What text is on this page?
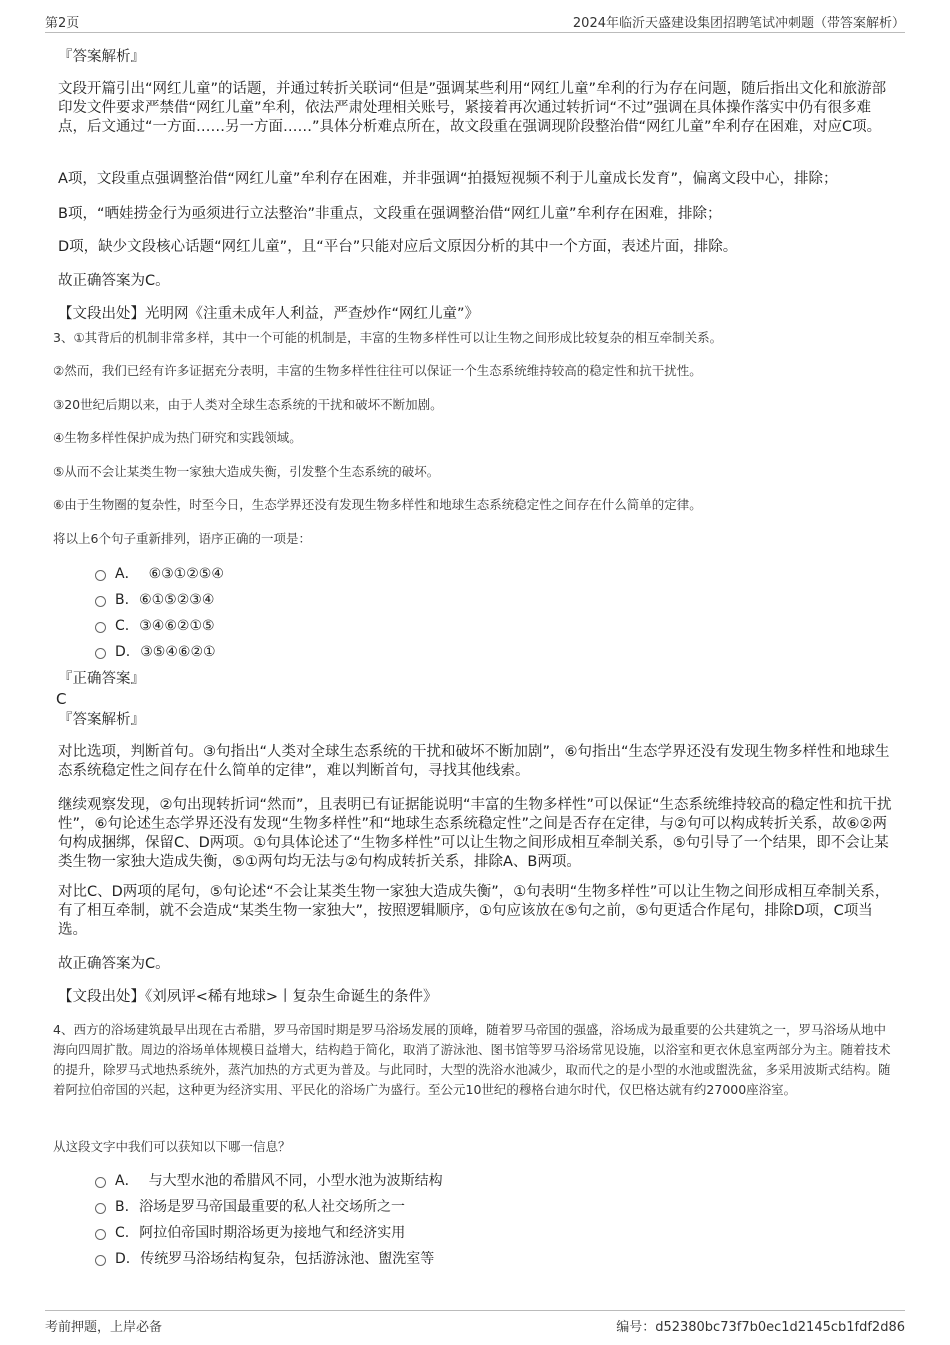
第2页	2024年临沂天盛建设集团招聘笔试冲刺题（带答案解析）
『答案解析』

文段开篇引出“网红儿童”的话题，并通过转折关联词“但是”强调某些利用“网红儿童”牟利的行为存在问题，随后指出文化和旅游部印发文件要求严禁借“网红儿童”牟利，依法严肃处理相关账号，紧接着再次通过转折词“不过”强调在具体操作落实中仍有很多难点，后文通过“一方面……另一方面……”具体分析难点所在，故文段重在强调现阶段整治借“网红儿童”牟利存在困难，对应C项。

A项，文段重点强调整治借“网红儿童”牟利存在困难，并非强调“拍摄短视频不利于儿童成长发育”，偏离文段中心，排除；

B项，“晒娃捞金行为亟须进行立法整治”非重点，文段重在强调整治借“网红儿童”牟利存在困难，排除；

D项，缺少文段核心话题“网红儿童”，且“平台”只能对应后文原因分析的其中一个方面，表述片面，排除。

故正确答案为C。

【文段出处】光明网《注重未成年人利益，严查炒作“网红儿童”》

3、①其背后的机制非常多样，其中一个可能的机制是，丰富的生物多样性可以让生物之间形成比较复杂的相互牵制关系。

②然而，我们已经有许多证据充分表明，丰富的生物多样性往往可以保证一个生态系统维持较高的稳定性和抗干扰性。

③20世纪后期以来，由于人类对全球生态系统的干扰和破坏不断加剧。

④生物多样性保护成为热门研究和实践领域。

⑤从而不会让某类生物一家独大造成失衡，引发整个生态系统的破坏。

⑥由于生物圈的复杂性，时至今日，生态学界还没有发现生物多样性和地球生态系统稳定性之间存在什么简单的定律。

将以上6个句子重新排列，语序正确的一项是：

A． ⑥③①②⑤④
B. ⑥①⑤②③④
C. ③④⑥②①⑤
D. ③⑤④⑥②①
『正确答案』
C
『答案解析』

对比选项，判断首句。③句指出“人类对全球生态系统的干扰和破坏不断加剧”，⑥句指出“生态学界还没有发现生物多样性和地球生态系统稳定性之间存在什么简单的定律”，难以判断首句，寻找其他线索。

继续观察发现，②句出现转折词“然而”，且表明已有证据能说明“丰富的生物多样性”可以保证“生态系统维持较高的稳定性和抗干扰性”，⑥句论述生态学界还没有发现“生物多样性”和“地球生态系统稳定性”之间是否存在定律，与②句可以构成转折关系，故⑥②两句构成捆绑，保留C、D两项。①句具体论述了“生物多样性”可以让生物之间形成相互牵制关系，⑤句引导了一个结果，即不会让某类生物一家独大造成失衡，⑤①两句均无法与②句构成转折关系，排除A、B两项。

对比C、D两项的尾句，⑤句论述“不会让某类生物一家独大造成失衡”，①句表明“生物多样性”可以让生物之间形成相互牵制关系，有了相互牵制，就不会造成“某类生物一家独大”，按照逻辑顺序，①句应该放在⑤句之前，⑤句更适合作尾句，排除D项，C项当选。

故正确答案为C。

【文段出处】《刘夙评<稀有地球>丨复杂生命诞生的条件》

4、西方的浴场建筑最早出现在古希腊，罗马帝国时期是罗马浴场发展的顶峰，随着罗马帝国的强盛，浴场成为最重要的公共建筑之一，罗马浴场从地中海向四周扩散。周边的浴场单体规模日益增大，结构趋于简化，取消了游泳池、图书馆等罗马浴场常见设施，以浴室和更衣休息室两部分为主。随着技术的提升，除罗马式地热系统外，蒸汽加热的方式更为普及。与此同时，大型的洗浴水池减少，取而代之的是小型的水池或盥洗盆，多采用波斯式结构。随着阿拉伯帝国的兴起，这种更为经济实用、平民化的浴场广为盛行。至公元10世纪的穆格台迪尔时代，仅巴格达就有约27000座浴室。

从这段文字中我们可以获知以下哪一信息？

A． 与大型水池的希腊风不同，小型水池为波斯结构
B. 浴场是罗马帝国最重要的私人社交场所之一
C. 阿拉伯帝国时期浴场更为接地气和经济实用
D. 传统罗马浴场结构复杂，包括游泳池、盥洗室等
考前押题，上岸必备	编号：d52380bc73f7b0ec1d2145cb1fdf2d86
